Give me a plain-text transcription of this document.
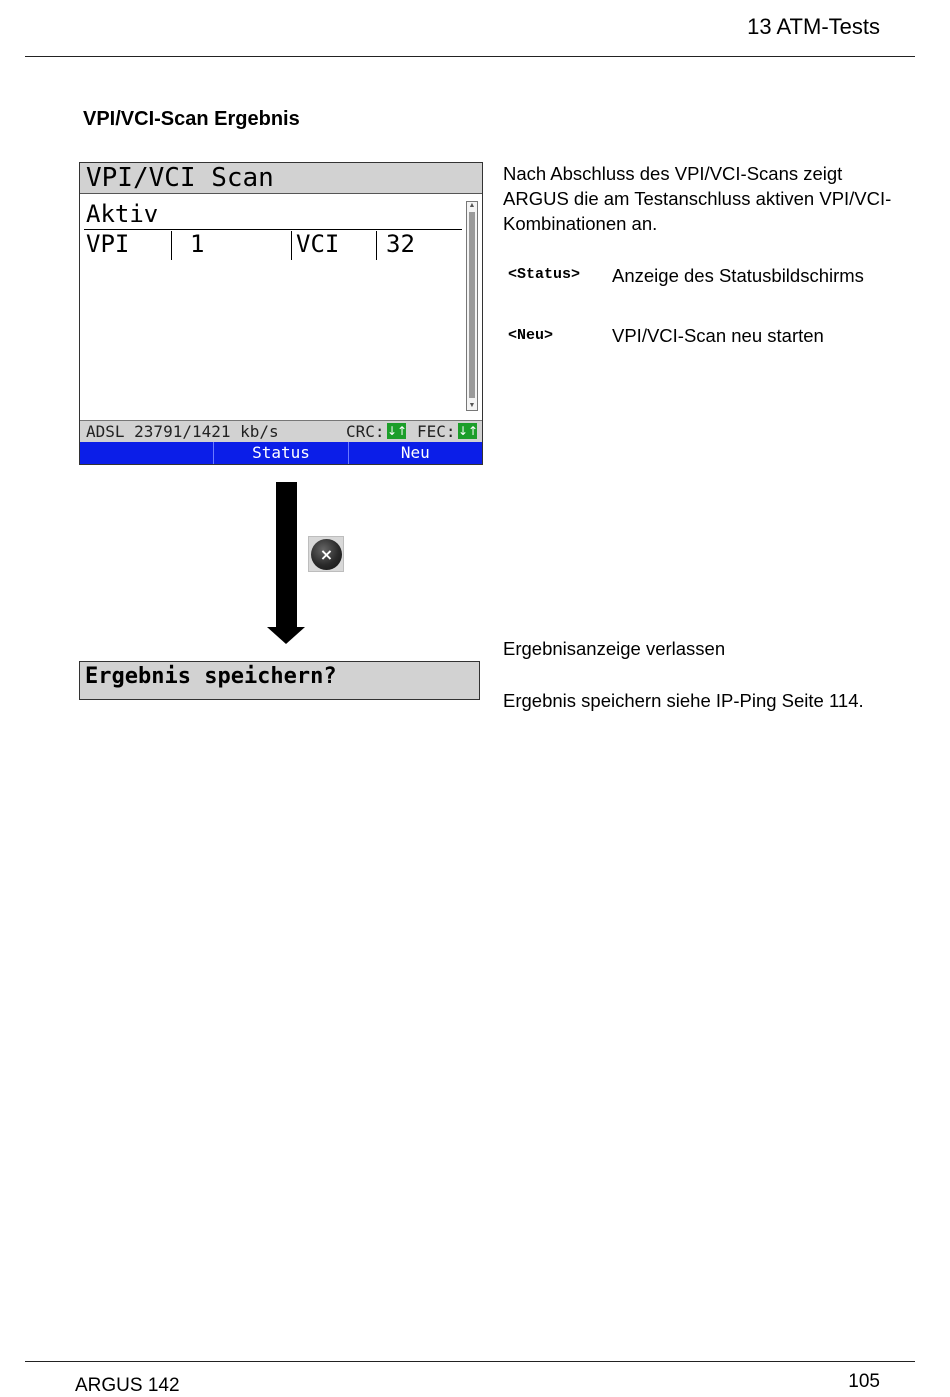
13 ATM-Tests
VPI/VCI-Scan Ergebnis
VPI/VCI Scan
Aktiv
VPI	1	VCI 32
▲
▼
ADSL 23791/1421 kb/s	CRC: ↓↑ FEC: ↓↑
Status	Neu
Nach Abschluss des VPI/VCI-Scans zeigt ARGUS die am Testanschluss aktiven VPI/VCI-Kombinationen an.
<Status> Anzeige des Statusbildschirms
<Neu>	VPI/VCI-Scan neu starten
×
Ergebnis speichern?
Ergebnisanzeige verlassen
Ergebnis speichern siehe IP-Ping Seite 114.
ARGUS 142	105
